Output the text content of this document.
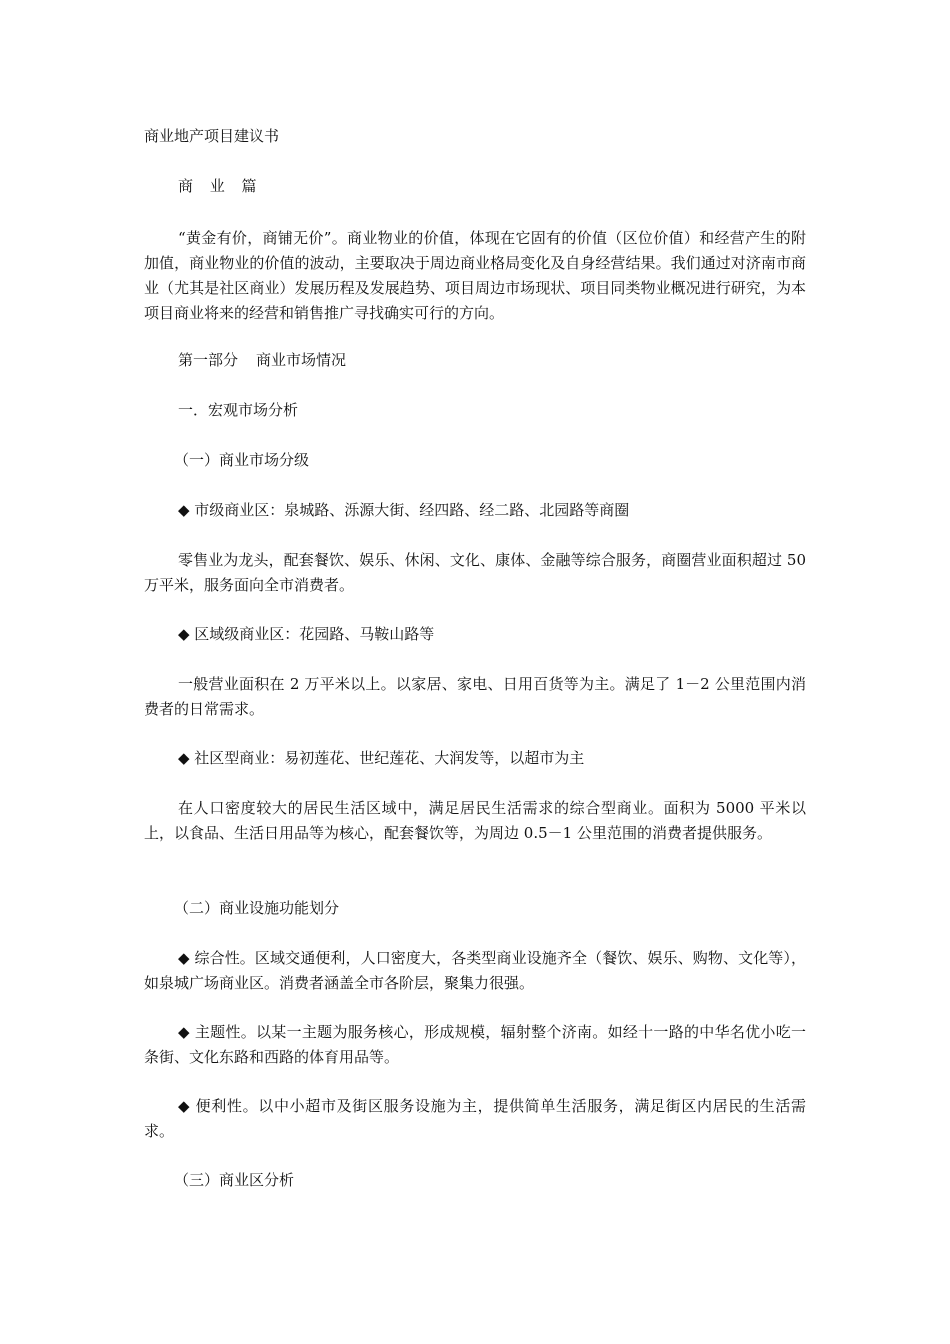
商业地产项目建议书

商 业 篇

“黄金有价，商铺无价”。商业物业的价值，体现在它固有的价值（区位价值）和经营产生的附加值，商业物业的价值的波动，主要取决于周边商业格局变化及自身经营结果。我们通过对济南市商业（尤其是社区商业）发展历程及发展趋势、项目周边市场现状、项目同类物业概况进行研究，为本项目商业将来的经营和销售推广寻找确实可行的方向。

第一部分 商业市场情况

一．宏观市场分析

（一）商业市场分级

◆ 市级商业区：泉城路、泺源大街、经四路、经二路、北园路等商圈

零售业为龙头，配套餐饮、娱乐、休闲、文化、康体、金融等综合服务，商圈营业面积超过 50 万平米，服务面向全市消费者。

◆ 区域级商业区：花园路、马鞍山路等

一般营业面积在 2 万平米以上。以家居、家电、日用百货等为主。满足了 1－2 公里范围内消费者的日常需求。

◆ 社区型商业：易初莲花、世纪莲花、大润发等，以超市为主

在人口密度较大的居民生活区域中，满足居民生活需求的综合型商业。面积为 5000 平米以上，以食品、生活日用品等为核心，配套餐饮等，为周边 0.5－1 公里范围的消费者提供服务。

（二）商业设施功能划分

◆ 综合性。区域交通便利，人口密度大，各类型商业设施齐全（餐饮、娱乐、购物、文化等），如泉城广场商业区。消费者涵盖全市各阶层，聚集力很强。

◆ 主题性。以某一主题为服务核心，形成规模，辐射整个济南。如经十一路的中华名优小吃一条街、文化东路和西路的体育用品等。

◆ 便利性。以中小超市及街区服务设施为主，提供简单生活服务，满足街区内居民的生活需求。

（三）商业区分析
